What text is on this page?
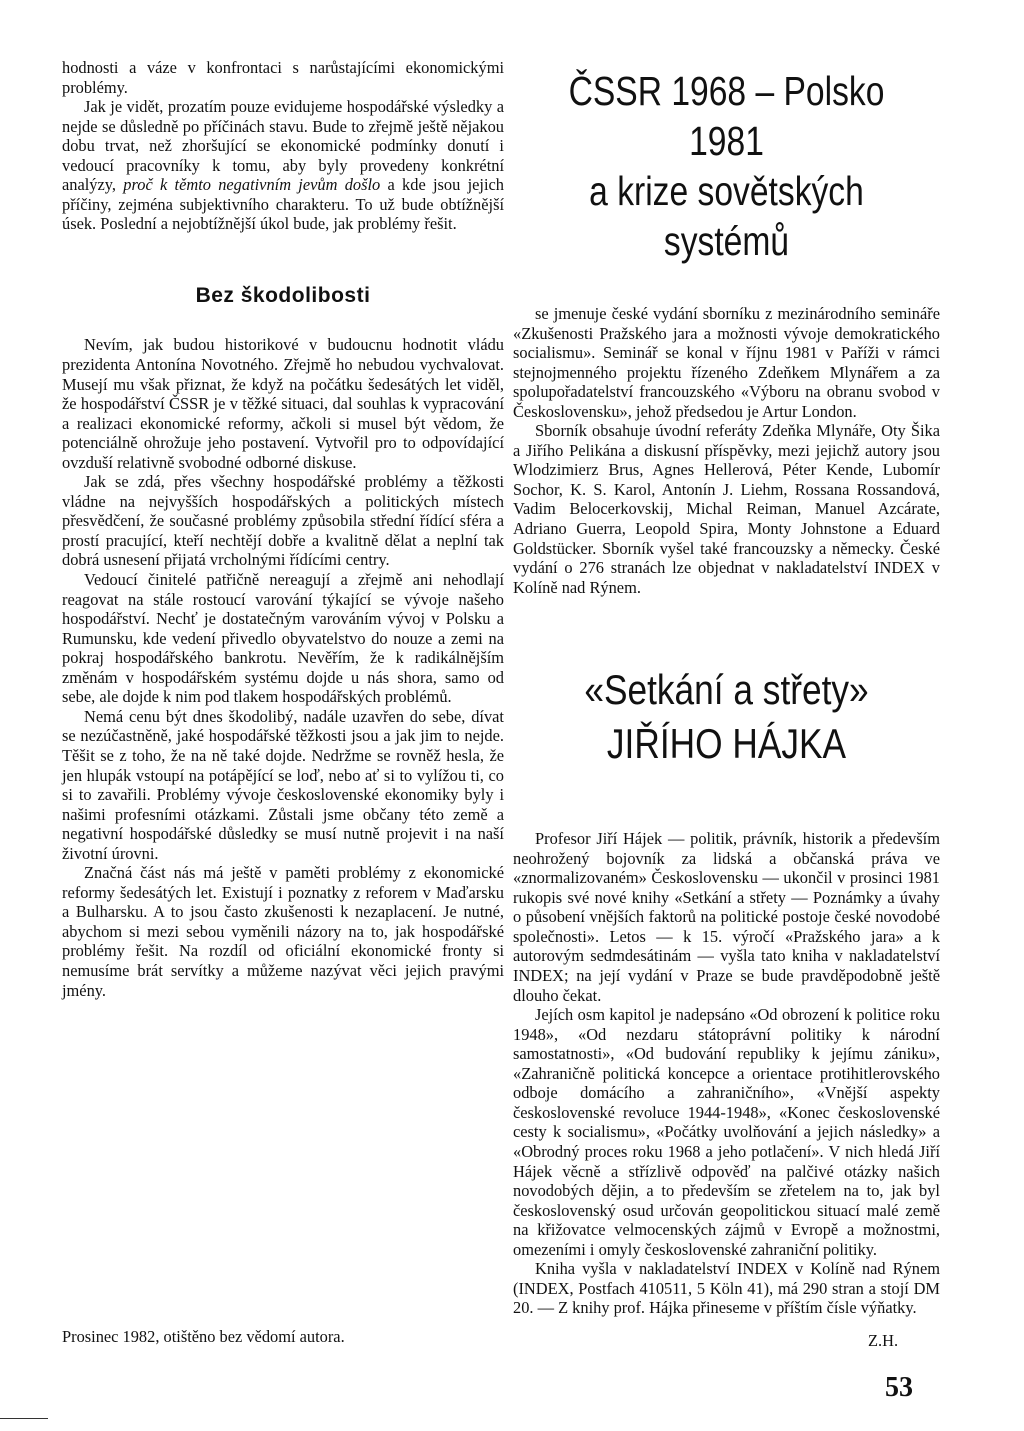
hodnosti a váze v konfrontaci s narůstajícími ekonomickými problémy.

Jak je vidět, prozatím pouze evidujeme hospodářské výsledky a nejde se důsledně po příčinách stavu. Bude to zřejmě ještě nějakou dobu trvat, než zhoršující se ekonomické podmínky donutí i vedoucí pracovníky k tomu, aby byly provedeny konkrétní analýzy, proč k těmto negativním jevům došlo a kde jsou jejich příčiny, zejména subjektivního charakteru. To už bude obtížnější úsek. Poslední a nejobtížnější úkol bude, jak problémy řešit.

Bez škodolibosti

Nevím, jak budou historikové v budoucnu hodnotit vládu prezidenta Antonína Novotného. Zřejmě ho nebudou vychvalovat. Musejí mu však přiznat, že když na počátku šedesátých let viděl, že hospodářství ČSSR je v těžké situaci, dal souhlas k vypracování a realizaci ekonomické reformy, ačkoli si musel být vědom, že potenciálně ohrožuje jeho postavení. Vytvořil pro to odpovídající ovzduší relativně svobodné odborné diskuse.

Jak se zdá, přes všechny hospodářské problémy a těžkosti vládne na nejvyšších hospodářských a politických místech přesvědčení, že současné problémy způsobila střední řídící sféra a prostí pracující, kteří nechtějí dobře a kvalitně dělat a neplní tak dobrá usnesení přijatá vrcholnými řídícími centry.

Vedoucí činitelé patřičně nereagují a zřejmě ani nehodlají reagovat na stále rostoucí varování týkající se vývoje našeho hospodářství. Nechť je dostatečným varováním vývoj v Polsku a Rumunsku, kde vedení přivedlo obyvatelstvo do nouze a zemi na pokraj hospodářského bankrotu. Nevěřím, že k radikálnějším změnám v hospodářském systému dojde u nás shora, samo od sebe, ale dojde k nim pod tlakem hospodářských problémů.

Nemá cenu být dnes škodolibý, nadále uzavřen do sebe, dívat se nezúčastněně, jaké hospodářské těžkosti jsou a jak jim to nejde. Těšit se z toho, že na ně také dojde. Nedržme se rovněž hesla, že jen hlupák vstoupí na potápějící se loď, nebo ať si to vylížou ti, co si to zavařili. Problémy vývoje československé ekonomiky byly i našimi profesními otázkami. Zůstali jsme občany této země a negativní hospodářské důsledky se musí nutně projevit i na naší životní úrovni.

Značná část nás má ještě v paměti problémy z ekonomické reformy šedesátých let. Existují i poznatky z reforem v Maďarsku a Bulharsku. A to jsou často zkušenosti k nezaplacení. Je nutné, abychom si mezi sebou vyměnili názory na to, jak hospodářské problémy řešit. Na rozdíl od oficiální ekonomické fronty si nemusíme brát servítky a můžeme nazývat věci jejich pravými jmény.

Prosinec 1982, otištěno bez vědomí autora.
ČSSR 1968 – Polsko 1981
a krize sovětských systémů

se jmenuje české vydání sborníku z mezinárodního semináře «Zkušenosti Pražského jara a možnosti vývoje demokratického socialismu». Seminář se konal v říjnu 1981 v Paříži v rámci stejnojmenného projektu řízeného Zdeňkem Mlynářem a za spolupořadatelství francouzského «Výboru na obranu svobod v Československu», jehož předsedou je Artur London.

Sborník obsahuje úvodní referáty Zdeňka Mlynáře, Oty Šika a Jiřího Pelikána a diskusní příspěvky, mezi jejichž autory jsou Wlodzimierz Brus, Agnes Hellerová, Péter Kende, Lubomír Sochor, K. S. Karol, Antonín J. Liehm, Rossana Rossandová, Vadim Belocerkovskij, Michal Reiman, Manuel Azcárate, Adriano Guerra, Leopold Spira, Monty Johnstone a Eduard Goldstücker. Sborník vyšel také francouzsky a německy. České vydání o 276 stranách lze objednat v nakladatelství INDEX v Kolíně nad Rýnem.

«Setkání a střety»
JIŘÍHO HÁJKA

Profesor Jiří Hájek — politik, právník, historik a především neohrožený bojovník za lidská a občanská práva ve «znormalizovaném» Československu — ukončil v prosinci 1981 rukopis své nové knihy «Setkání a střety — Poznámky a úvahy o působení vnějších faktorů na politické postoje české novodobé společnosti». Letos — k 15. výročí «Pražského jara» a k autorovým sedmdesátinám — vyšla tato kniha v nakladatelství INDEX; na její vydání v Praze se bude pravděpodobně ještě dlouho čekat.

Jejích osm kapitol je nadepsáno «Od obrození k politice roku 1948», «Od nezdaru státoprávní politiky k národní samostatnosti», «Od budování republiky k jejímu zániku», «Zahraničně politická koncepce a orientace protihitlerovského odboje domácího a zahraničního», «Vnější aspekty československé revoluce 1944-1948», «Konec československé cesty k socialismu», «Počátky uvolňování a jejich následky» a «Obrodný proces roku 1968 a jeho potlačení». V nich hledá Jiří Hájek věcně a střízlivě odpověď na palčivé otázky našich novodobých dějin, a to především se zřetelem na to, jak byl československý osud určován geopolitickou situací malé země na křižovatce velmocenských zájmů v Evropě a možnostmi, omezeními i omyly československé zahraniční politiky.

Kniha vyšla v nakladatelství INDEX v Kolíně nad Rýnem (INDEX, Postfach 410511, 5 Köln 41), má 290 stran a stojí DM 20. — Z knihy prof. Hájka přineseme v příštím čísle výňatky.

Z.H.
53
